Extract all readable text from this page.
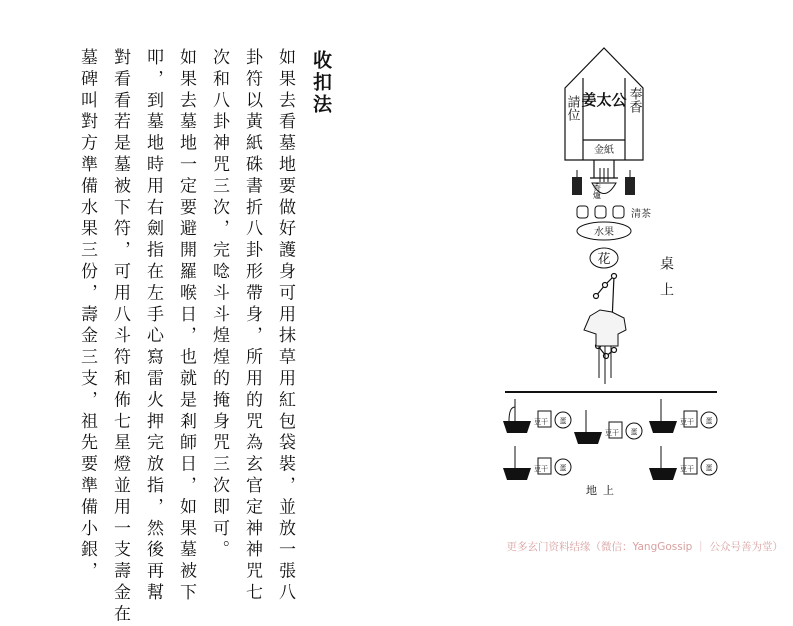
收扣法
如果去看墓地要做好護身可用抹草用紅包袋裝，並放一張八
卦符以黃紙硃書折八卦形帶身，所用的咒為玄官定神神咒七
次和八卦神咒三次，完唸斗斗煌煌的掩身咒三次即可。
如果去墓地一定要避開羅喉日，也就是剎師日，如果墓被下
叩，到墓地時用右劍指在左手心寫雷火押完放指，然後再幫
對看看若是墓被下符，可用八斗符和佈七星燈並用一支壽金在
墓碑叫對方準備水果三份，壽金三支，祖先要準備小銀，	姜太公
請位	奉香
金紙
香爐
清茶
水果
花	桌上
豆干 蛋
豆干 蛋
豆干 蛋
豆干 蛋	豆干 蛋
地上
更多玄门资料结缘（微信：YangGossip ｜ 公众号善为堂）
